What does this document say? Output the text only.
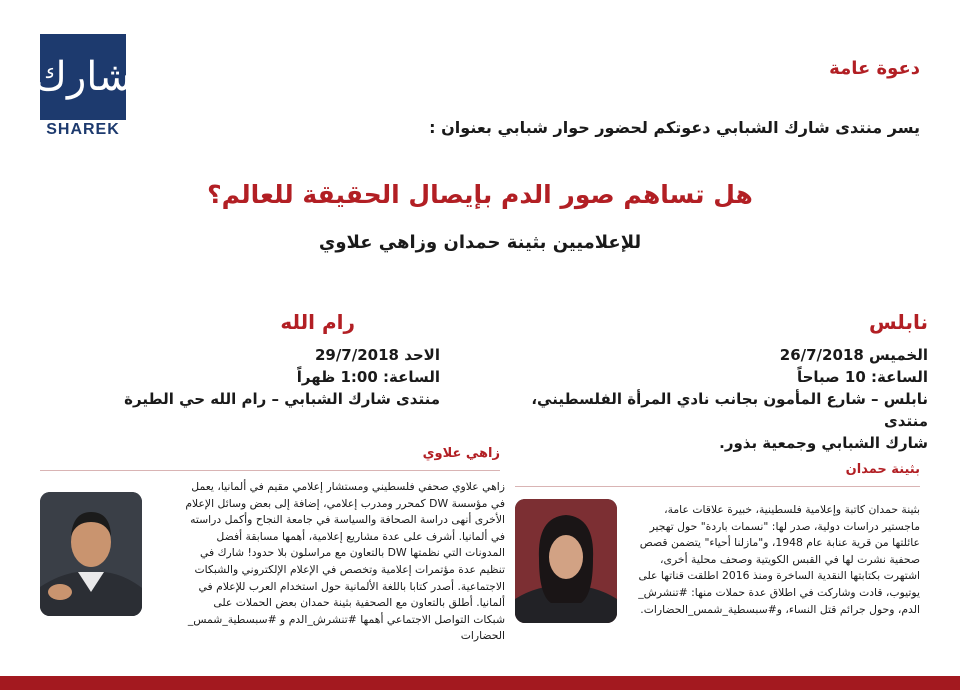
شارك
SHAREK
دعوة عامة
يسر منتدى شارك الشبابي دعوتكم لحضور حوار شبابي بعنوان :
هل تساهم صور الدم بإيصال الحقيقة للعالم؟
للإعلاميين بثينة حمدان وزاهي علاوي
نابلس
الخميس 26/7/2018
الساعة: 10 صباحاً
نابلس – شارع المأمون بجانب نادي المرأة الفلسطيني، منتدى
شارك الشبابي وجمعية بذور.
رام الله
الاحد 29/7/2018
الساعة: 1:00 ظهراً
منتدى شارك الشبابي – رام الله حي الطيرة
زاهي علاوي
زاهي علاوي صحفي فلسطيني ومستشار إعلامي مقيم في ألمانيا، يعمل
في مؤسسة DW كمحرر ومدرب إعلامي، إضافة إلى بعض وسائل الإعلام
الأخرى أنهى دراسة الصحافة والسياسة في جامعة النجاح وأكمل دراسته
في ألمانيا. أشرف على عدة مشاريع إعلامية، أهمها مسابقة أفضل
المدونات التي نظمتها DW بالتعاون مع مراسلون بلا حدود! شارك في
تنظيم عدة مؤتمرات إعلامية وتخصص في الإعلام الإلكتروني والشبكات
الاجتماعية. أصدر كتابا باللغة الألمانية حول استخدام العرب للإعلام في
ألمانيا. أطلق بالتعاون مع الصحفية بثينة حمدان بعض الحملات على
شبكات التواصل الاجتماعي أهمها #تنشرش_الدم و #سبسطية_شمس_
الحضارات
بثينة حمدان
بثينة حمدان كاتبة وإعلامية فلسطينية، خبيرة علاقات عامة،
ماجستير دراسات دولية، صدر لها: "نسمات باردة" حول تهجير
عائلتها من قرية عنابة عام 1948، و"مازلنا أحياء" يتضمن قصص
صحفية نشرت لها في القبس الكويتية وصحف محلية أخرى،
اشتهرت بكتابتها النقدية الساخرة ومنذ 2016 اطلقت قناتها على
يوتيوب، قادت وشاركت في اطلاق عدة حملات منها: #تنشرش_
الدم، وحول جرائم قتل النساء، و#سبسطية_شمس_الحضارات.
